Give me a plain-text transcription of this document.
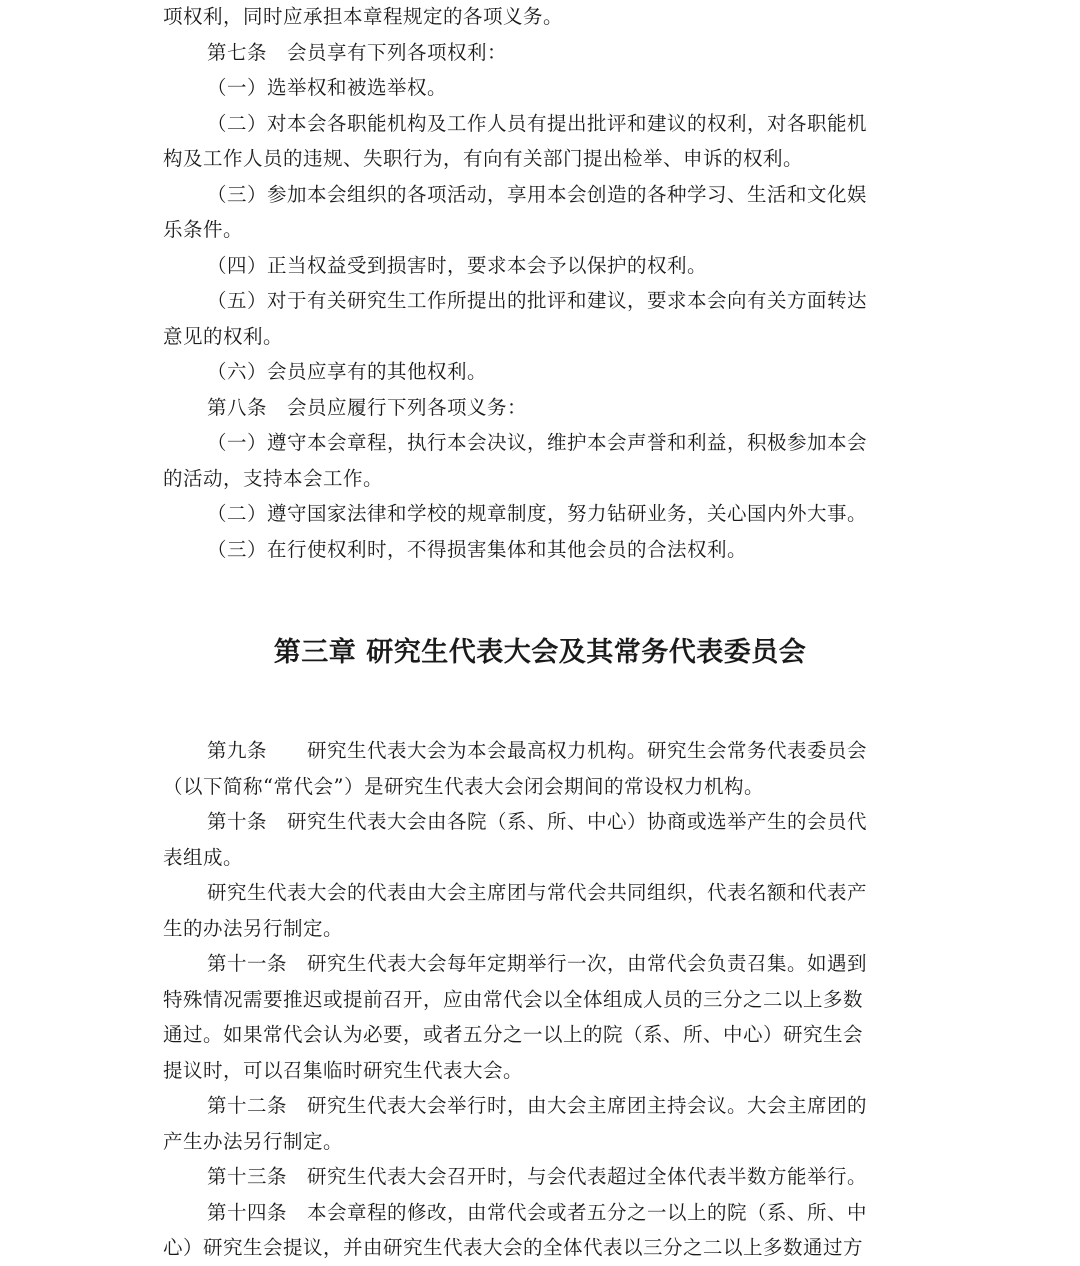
项权利，同时应承担本章程规定的各项义务。
第七条　会员享有下列各项权利：
（一）选举权和被选举权。
（二）对本会各职能机构及工作人员有提出批评和建议的权利，对各职能机
构及工作人员的违规、失职行为，有向有关部门提出检举、申诉的权利。
（三）参加本会组织的各项活动，享用本会创造的各种学习、生活和文化娱
乐条件。
（四）正当权益受到损害时，要求本会予以保护的权利。
（五）对于有关研究生工作所提出的批评和建议，要求本会向有关方面转达
意见的权利。
（六）会员应享有的其他权利。
第八条　会员应履行下列各项义务：
（一）遵守本会章程，执行本会决议，维护本会声誉和利益，积极参加本会
的活动，支持本会工作。
（二）遵守国家法律和学校的规章制度，努力钻研业务，关心国内外大事。
（三）在行使权利时，不得损害集体和其他会员的合法权利。
第三章 研究生代表大会及其常务代表委员会
第九条　　研究生代表大会为本会最高权力机构。研究生会常务代表委员会
（以下简称“常代会”）是研究生代表大会闭会期间的常设权力机构。
第十条　研究生代表大会由各院（系、所、中心）协商或选举产生的会员代
表组成。
研究生代表大会的代表由大会主席团与常代会共同组织，代表名额和代表产
生的办法另行制定。
第十一条　研究生代表大会每年定期举行一次，由常代会负责召集。如遇到
特殊情况需要推迟或提前召开，应由常代会以全体组成人员的三分之二以上多数
通过。如果常代会认为必要，或者五分之一以上的院（系、所、中心）研究生会
提议时，可以召集临时研究生代表大会。
第十二条　研究生代表大会举行时，由大会主席团主持会议。大会主席团的
产生办法另行制定。
第十三条　研究生代表大会召开时，与会代表超过全体代表半数方能举行。
第十四条　本会章程的修改，由常代会或者五分之一以上的院（系、所、中
心）研究生会提议，并由研究生代表大会的全体代表以三分之二以上多数通过方
